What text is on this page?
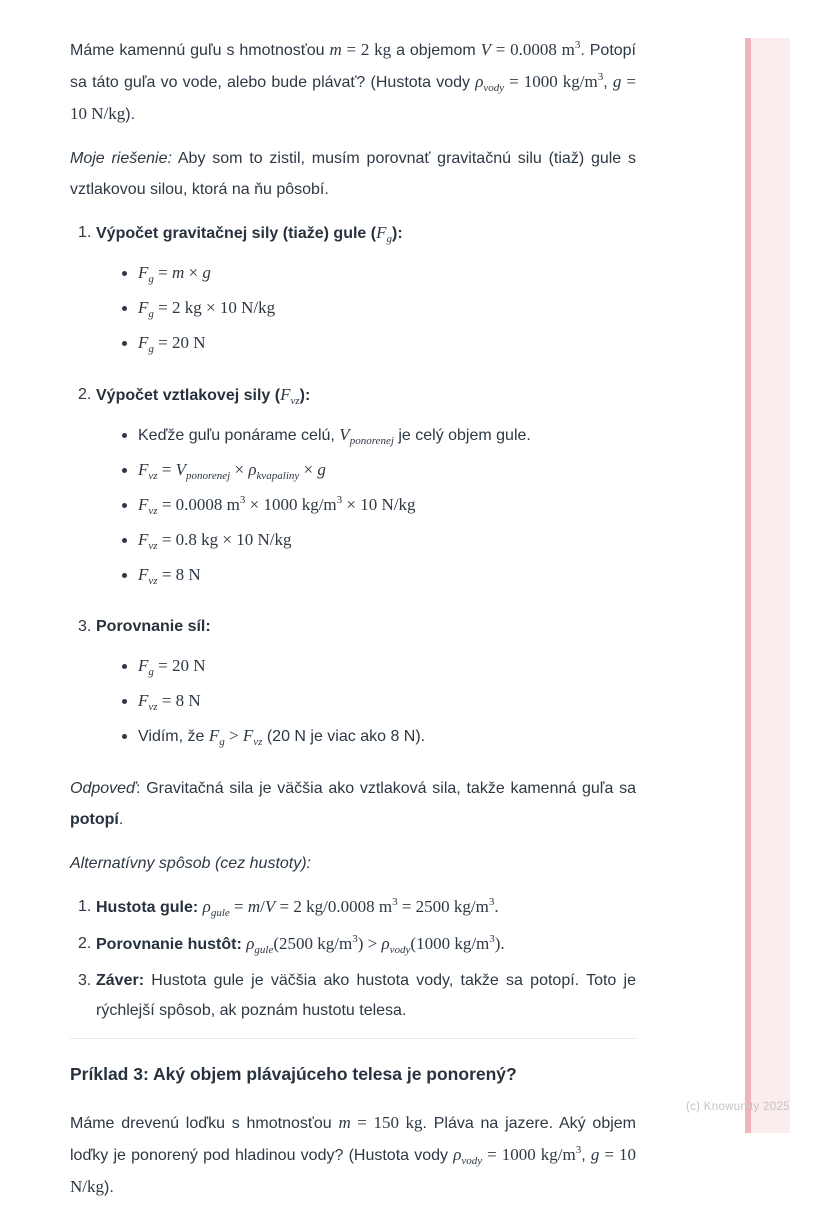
Máme kamennú guľu s hmotnosťou m = 2 kg a objemom V = 0.0008 $m^3$. Potopí sa táto guľa vo vode, alebo bude plávať? (Hustota vody $\rho_{vody} = 1000$ $kg/m^3$, g = 10 N/kg).

Moje riešenie: Aby som to zistil, musím porovnať gravitačnú silu (tiaž) gule s vztlakovou silou, ktorá na ňu pôsobí.

1. Výpočet gravitačnej sily (tiaže) gule $(F_g)$:
$F_g = m \times g$
$F_g = 2$ kg × 10 N/kg
$F_g = 20$ N
2. Výpočet vztlakovej sily $(F_{vz})$:
Keďže guľu ponárame celú, $V_{ponorenej}$ je celý objem gule.
$F_{vz} = V_{ponorenej} \times \rho_{kvapaliny} \times g$
$F_{vz} = 0.0008$ $m^3 \times 1000$ $kg/m^3 \times 10$ N/kg
$F_{vz} = 0.8$ kg × 10 N/kg
$F_{vz} = 8$ N
3. Porovnanie síl:
$F_g = 20$ N
$F_{vz} = 8$ N
Vidím, že $F_g > F_{vz}$ (20 N je viac ako 8 N).

Odpoveď: Gravitačná sila je väčšia ako vztlaková sila, takže kamenná guľa sa potopí.

Alternatívny spôsob (cez hustoty):

1. Hustota gule: $\rho_{gule} = m/V = 2$ kg/0.0008 $m^3 = 2500$ $kg/m^3$.
2. Porovnanie hustôt: $\rho_{gule}(2500$ $kg/m^3) > \rho_{vody}(1000$ $kg/m^3$).
3. Záver: Hustota gule je väčšia ako hustota vody, takže sa potopí. Toto je rýchlejší spôsob, ak poznám hustotu telesa.
Príklad 3: Aký objem plávajúceho telesa je ponorený?

Máme drevenú loďku s hmotnosťou m = 150 kg. Pláva na jazere. Aký objem loďky je ponorený pod hladinou vody? (Hustota vody $\rho_{vody} = 1000$ $kg/m^3$, g = 10 N/kg).

(c) Knowunity 2025
